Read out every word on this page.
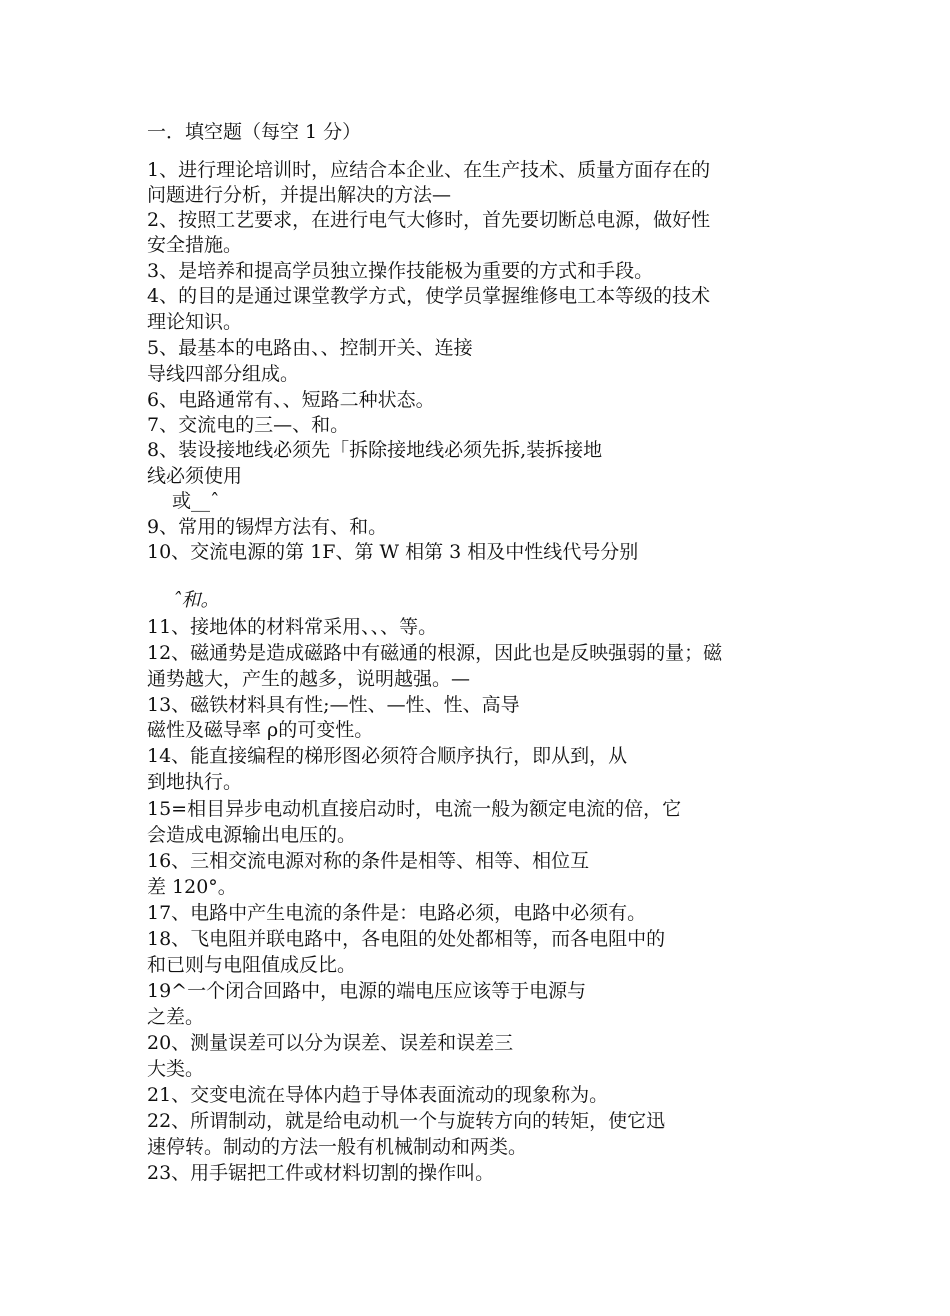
一．填空题（每空 1 分）
1、进行理论培训时，应结合本企业、在生产技术、质量方面存在的
问题进行分析，并提出解决的方法—
2、按照工艺要求，在进行电气大修时，首先要切断总电源，做好性
安全措施。
3、是培养和提高学员独立操作技能极为重要的方式和手段。
4、的目的是通过课堂教学方式，使学员掌握维修电工本等级的技术
理论知识。
5、最基本的电路由、、控制开关、连接
导线四部分组成。
6、电路通常有、、短路二种状态。
7、交流电的三—、和。
8、装设接地线必须先「拆除接地线必须先拆,装拆接地
线必须使用
或__ˆ
9、常用的锡焊方法有、和。
10、交流电源的第 1F、第 W 相第 3 相及中性线代号分别
ˆ和。
11、接地体的材料常采用、、、等。
12、磁通势是造成磁路中有磁通的根源，因此也是反映强弱的量；磁
通势越大，产生的越多，说明越强。—
13、磁铁材料具有性;—性、—性、性、高导
磁性及磁导率 ρ的可变性。
14、能直接编程的梯形图必须符合顺序执行，即从到，从
到地执行。
15=相目异步电动机直接启动时，电流一般为额定电流的倍，它
会造成电源输出电压的。
16、三相交流电源对称的条件是相等、相等、相位互
差 120°。
17、电路中产生电流的条件是：电路必须，电路中必须有。
18、飞电阻并联电路中，各电阻的处处都相等，而各电阻中的
和已则与电阻值成反比。
19^一个闭合回路中，电源的端电压应该等于电源与
之差。
20、测量误差可以分为误差、误差和误差三
大类。
21、交变电流在导体内趋于导体表面流动的现象称为。
22、所谓制动，就是给电动机一个与旋转方向的转矩，使它迅
速停转。制动的方法一般有机械制动和两类。
23、用手锯把工件或材料切割的操作叫。
